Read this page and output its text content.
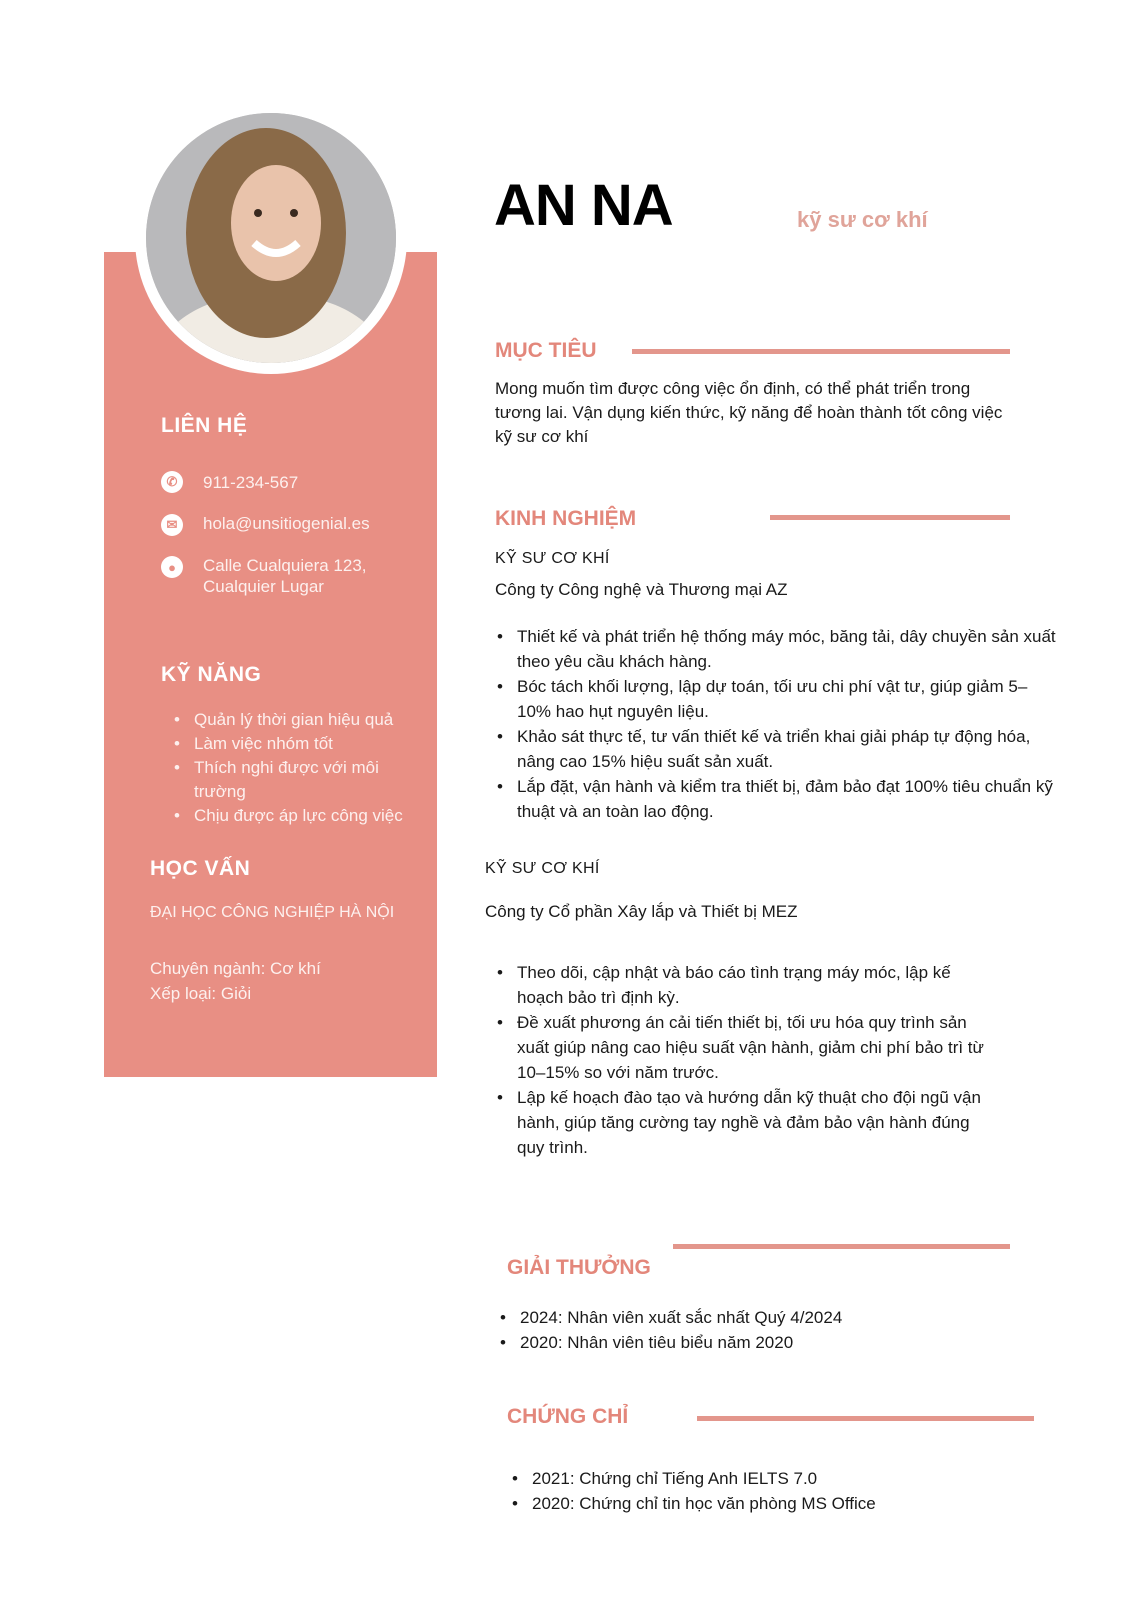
LIÊN HỆ
✆	911-234-567
✉	hola@unsitiogenial.es
●	Calle Cualquiera 123,
Cualquier Lugar
KỸ NĂNG
• Quản lý thời gian hiệu quả
• Làm việc nhóm tốt
• Thích nghi được với môi trường
• Chịu được áp lực công việc
HỌC VẤN
ĐẠI HỌC CÔNG NGHIỆP HÀ NỘI
Chuyên ngành: Cơ khí
Xếp loại: Giỏi
AN NA	kỹ sư cơ khí
MỤC TIÊU
Mong muốn tìm được công việc ổn định, có thể phát triển trong tương lai. Vận dụng kiến thức, kỹ năng để hoàn thành tốt công việc kỹ sư cơ khí
KINH NGHIỆM
KỸ SƯ CƠ KHÍ
Công ty Công nghệ và Thương mại AZ
• Thiết kế và phát triển hệ thống máy móc, băng tải, dây chuyền sản xuất theo yêu cầu khách hàng.
• Bóc tách khối lượng, lập dự toán, tối ưu chi phí vật tư, giúp giảm 5–10% hao hụt nguyên liệu.
• Khảo sát thực tế, tư vấn thiết kế và triển khai giải pháp tự động hóa, nâng cao 15% hiệu suất sản xuất.
• Lắp đặt, vận hành và kiểm tra thiết bị, đảm bảo đạt 100% tiêu chuẩn kỹ thuật và an toàn lao động.
KỸ SƯ CƠ KHÍ
Công ty Cổ phần Xây lắp và Thiết bị MEZ
• Theo dõi, cập nhật và báo cáo tình trạng máy móc, lập kế hoạch bảo trì định kỳ.
• Đề xuất phương án cải tiến thiết bị, tối ưu hóa quy trình sản xuất giúp nâng cao hiệu suất vận hành, giảm chi phí bảo trì từ 10–15% so với năm trước.
• Lập kế hoạch đào tạo và hướng dẫn kỹ thuật cho đội ngũ vận hành, giúp tăng cường tay nghề và đảm bảo vận hành đúng quy trình.
GIẢI THƯỞNG
• 2024: Nhân viên xuất sắc nhất Quý 4/2024
• 2020: Nhân viên tiêu biểu năm 2020
CHỨNG CHỈ
• 2021: Chứng chỉ Tiếng Anh IELTS 7.0
• 2020: Chứng chỉ tin học văn phòng MS Office
